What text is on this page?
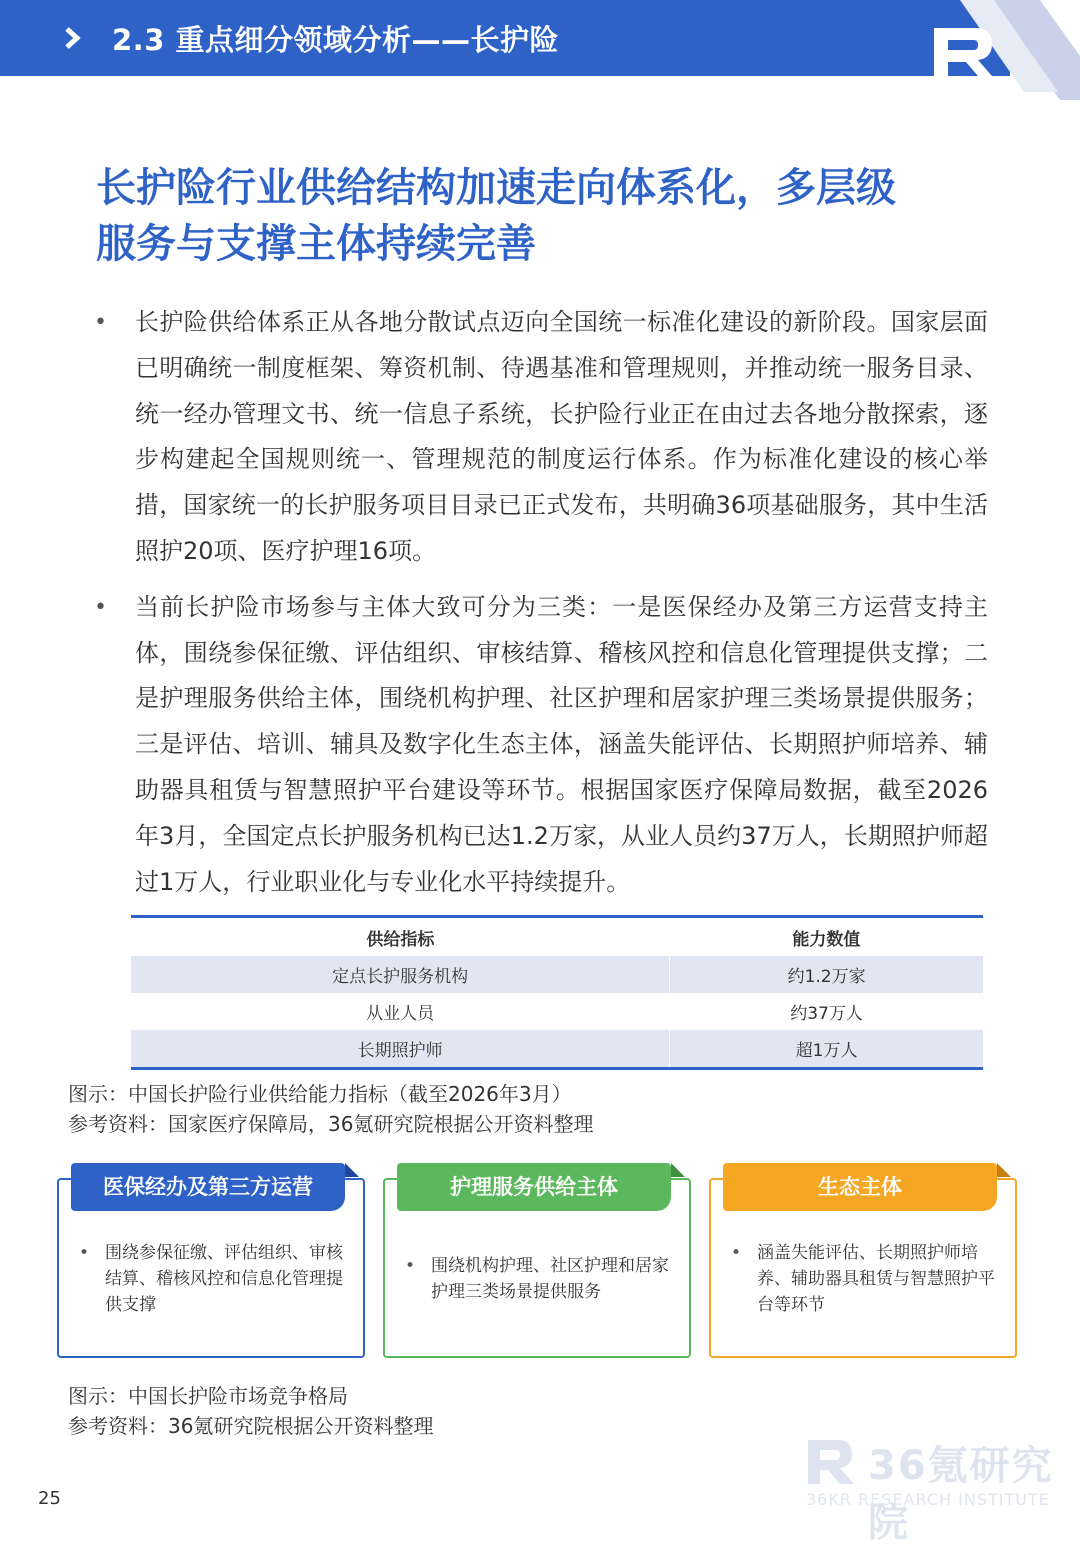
2.3 重点细分领域分析——长护险
长护险行业供给结构加速走向体系化，多层级
服务与支撑主体持续完善
• 长护险供给体系正从各地分散试点迈向全国统一标准化建设的新阶段。国家层面已明确统一制度框架、筹资机制、待遇基准和管理规则，并推动统一服务目录、统一经办管理文书、统一信息子系统，长护险行业正在由过去各地分散探索，逐步构建起全国规则统一、管理规范的制度运行体系。作为标准化建设的核心举措，国家统一的长护服务项目目录已正式发布，共明确36项基础服务，其中生活照护20项、医疗护理16项。
• 当前长护险市场参与主体大致可分为三类：一是医保经办及第三方运营支持主体，围绕参保征缴、评估组织、审核结算、稽核风控和信息化管理提供支撑；二是护理服务供给主体，围绕机构护理、社区护理和居家护理三类场景提供服务；三是评估、培训、辅具及数字化生态主体，涵盖失能评估、长期照护师培养、辅助器具租赁与智慧照护平台建设等环节。根据国家医疗保障局数据，截至2026年3月，全国定点长护服务机构已达1.2万家，从业人员约37万人，长期照护师超过1万人，行业职业化与专业化水平持续提升。
供给指标	能力数值
定点长护服务机构	约1.2万家
从业人员	约37万人
长期照护师	超1万人
图示：中国长护险行业供给能力指标（截至2026年3月）
参考资料：国家医疗保障局，36氪研究院根据公开资料整理
医保经办及第三方运营
• 围绕参保征缴、评估组织、审核结算、稽核风控和信息化管理提供支撑
护理服务供给主体
• 围绕机构护理、社区护理和居家护理三类场景提供服务
生态主体
• 涵盖失能评估、长期照护师培养、辅助器具租赁与智慧照护平台等环节
图示：中国长护险市场竞争格局
参考资料：36氪研究院根据公开资料整理
25
36氪研究院
36KR RESEARCH INSTITUTE
